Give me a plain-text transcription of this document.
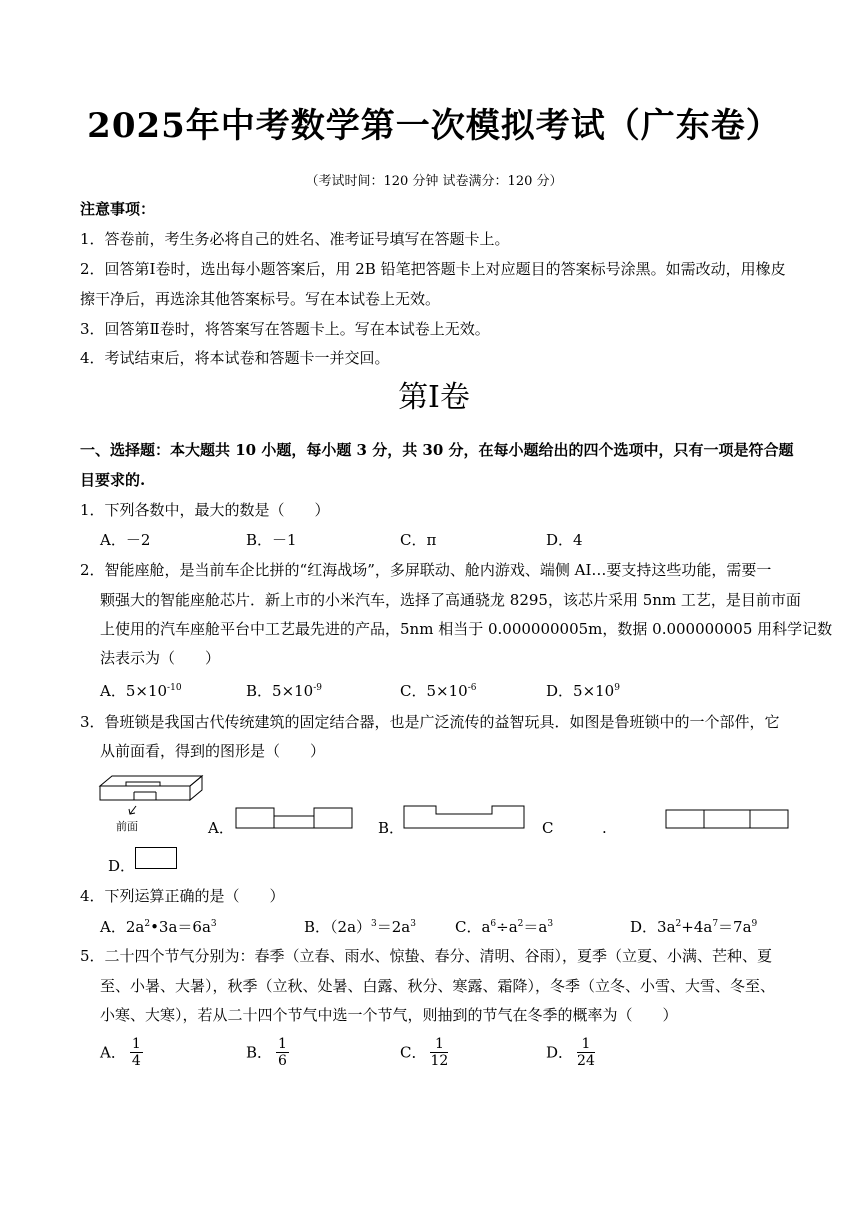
2025年中考数学第一次模拟考试（广东卷）
（考试时间：120 分钟 试卷满分：120 分）
注意事项：
1．答卷前，考生务必将自己的姓名、准考证号填写在答题卡上。
2．回答第Ⅰ卷时，选出每小题答案后，用 2B 铅笔把答题卡上对应题目的答案标号涂黑。如需改动，用橡皮
擦干净后，再选涂其他答案标号。写在本试卷上无效。
3．回答第Ⅱ卷时，将答案写在答题卡上。写在本试卷上无效。
4．考试结束后，将本试卷和答题卡一并交回。
第Ⅰ卷
一、选择题：本大题共 10 小题，每小题 3 分，共 30 分，在每小题给出的四个选项中，只有一项是符合题
目要求的.
1．下列各数中，最大的数是（　　）
A．－2	B．－1	C．π	D．4
2．智能座舱，是当前车企比拼的“红海战场”，多屏联动、舱内游戏、端侧 AI…要支持这些功能，需要一
颗强大的智能座舱芯片．新上市的小米汽车，选择了高通骁龙 8295，该芯片采用 5nm 工艺，是目前市面
上使用的汽车座舱平台中工艺最先进的产品，5nm 相当于 0.000000005m，数据 0.000000005 用科学记数
法表示为（　　）
A．$5\times 10^{-10}$	B．$5\times 10^{-9}$	C．$5\times 10^{-6}$	D．$5\times 10^9$
3．鲁班锁是我国古代传统建筑的固定结合器，也是广泛流传的益智玩具．如图是鲁班锁中的一个部件，它
从前面看，得到的图形是（　　）
前面	A．	B．	C	.
D．
4．下列运算正确的是（　　）
A．$2a^2•3a=6a^3$	B．$(2a)^3=2a^3$	C．$a^6\div a^2=a^3$	D．$3a^2+4a^7=7a^9$
5．二十四个节气分别为：春季（立春、雨水、惊蛰、春分、清明、谷雨），夏季（立夏、小满、芒种、夏
至、小暑、大暑），秋季（立秋、处暑、白露、秋分、寒露、霜降），冬季（立冬、小雪、大雪、冬至、
小寒、大寒），若从二十四个节气中选一个节气，则抽到的节气在冬季的概率为（　　）
A． $\frac{1}{4}$	B． $\frac{1}{6}$	C． $\frac{1}{12}$	D． $\frac{1}{24}$
